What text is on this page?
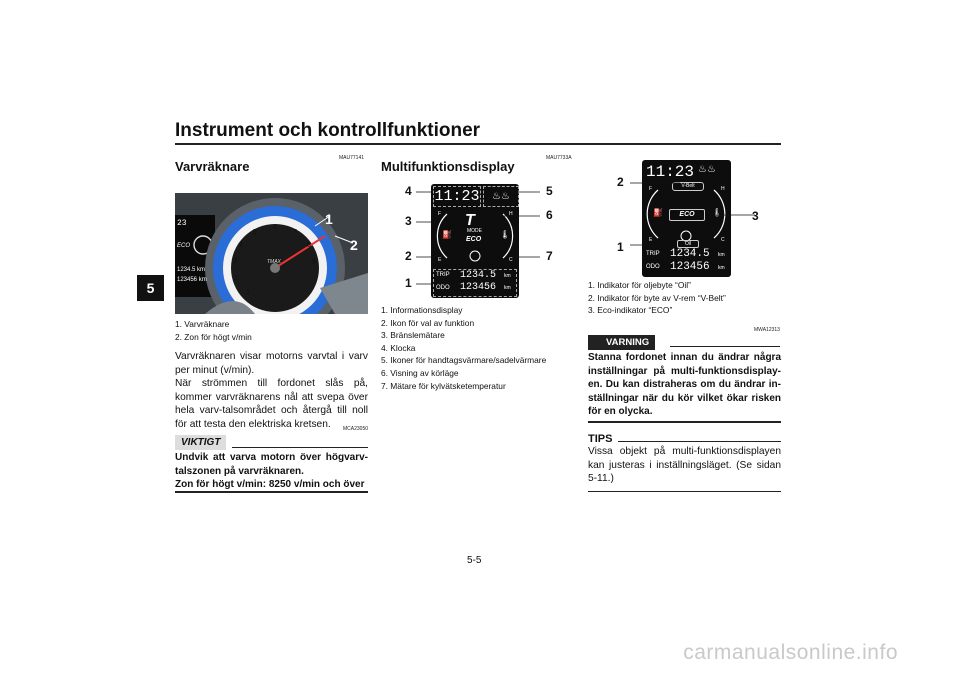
Instrument och kontrollfunktioner
5
MAU77141
Varvräknare
1
2
23
ECO
1234.5 km
123456 km
TMAX
1
2
3
4
5
6
7
8
9
1. Varvräknare
2. Zon för högt v/min
Varvräknaren visar motorns varvtal i varv per minut (v/min).
När strömmen till fordonet slås på, kommer varvräknarens nål att svepa över hela varv-talsområdet och återgå till noll för att testa den elektriska kretsen.	MCA23050
VIKTIGT
Undvik att varva motorn över högvarv-talszonen på varvräknaren.
Zon för högt v/min: 8250 v/min och över
MAU7733A
Multifunktionsdisplay
11:23	♨♨
F
E
H
C
⛽	🌡
T
MODE
ECO
TRIP 1234.5 km
ODO 123456 km
4
3
2
1
5
6
7
1. Informationsdisplay
2. Ikon för val av funktion
3. Bränslemätare
4. Klocka
5. Ikoner för handtagsvärmare/sadelvärmare
6. Visning av körläge
7. Mätare för kylvätsketemperatur
11:23 ♨♨
V-Belt
F
E
H
C
⛽	🌡
ECO
Oil
TRIP 1234.5 km
ODO 123456 km
2
1
3
1. Indikator för oljebyte “Oil”
2. Indikator för byte av V-rem “V-Belt”
3. Eco-indikator “ECO”
MWA12313
VARNING
Stanna fordonet innan du ändrar några inställningar på multi-funktionsdisplay-en. Du kan distraheras om du ändrar in-ställningar när du kör vilket ökar risken för en olycka.
TIPS
Vissa objekt på multi-funktionsdisplayen kan justeras i inställningsläget. (Se sidan 5-11.)
5-5
carmanualsonline.info
